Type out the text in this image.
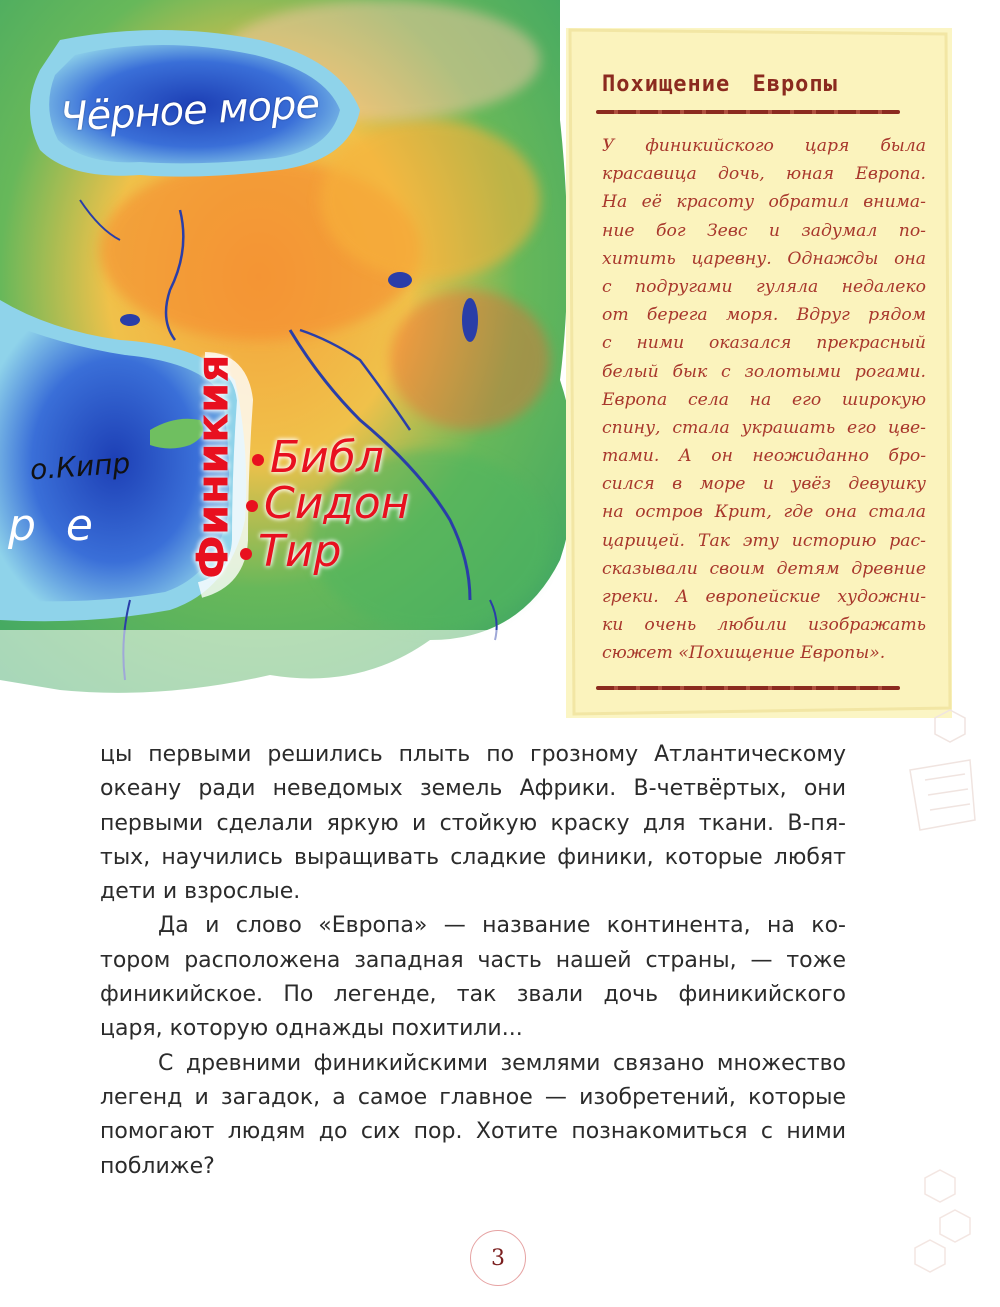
Чёрное море

о.Кипр

р е Финикия Библ

Сидон

Тир

Похищение Европы

У финикийского царя была
красавица дочь, юная Европа.
На её красоту обратил внима-
ние бог Зевс и задумал по-
хитить царевну. Однажды она
с подругами гуляла недалеко
от берега моря. Вдруг рядом
с ними оказался прекрасный
белый бык с золотыми рогами.
Европа села на его широкую
спину, стала украшать его цве-
тами. А он неожиданно бро-
сился в море и увёз девушку
на остров Крит, где она стала
царицей. Так эту историю рас-
сказывали своим детям древние
греки. А европейские художни-
ки очень любили изображать
сюжет «Похищение Европы».

цы первыми решились плыть по грозному Атлантическому
океану ради неведомых земель Африки. В-четвёртых, они
первыми сделали яркую и стойкую краску для ткани. В-пя-
тых, научились выращивать сладкие финики, которые любят
дети и взрослые.
Да и слово «Европа» — название континента, на ко-
тором расположена западная часть нашей страны, — тоже
финикийское. По легенде, так звали дочь финикийского
царя, которую однажды похитили...
С древними финикийскими землями связано множество
легенд и загадок, а самое главное — изобретений, которые
помогают людям до сих пор. Хотите познакомиться с ними
поближе?
3
